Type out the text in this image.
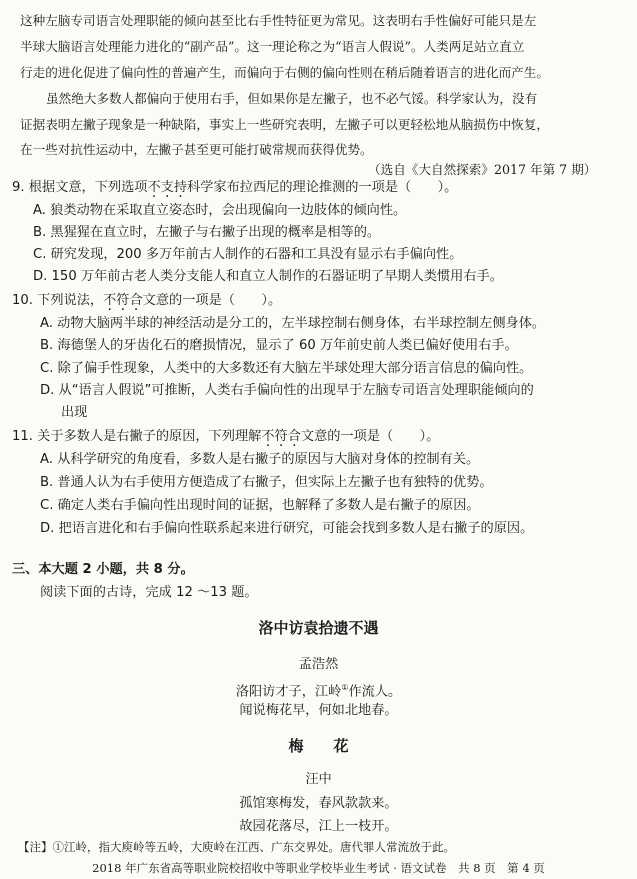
这种左脑专司语言处理职能的倾向甚至比右手性特征更为常见。这表明右手性偏好可能只是左
半球大脑语言处理能力进化的“副产品”。这一理论称之为“语言人假说”。人类两足站立直立
行走的进化促进了偏向性的普遍产生，而偏向于右侧的偏向性则在稍后随着语言的进化而产生。
虽然绝大多数人都偏向于使用右手，但如果你是左撇子，也不必气馁。科学家认为，没有
证据表明左撇子现象是一种缺陷，事实上一些研究表明，左撇子可以更轻松地从脑损伤中恢复，
在一些对抗性运动中，左撇子甚至更可能打破常规而获得优势。
（选自《大自然探索》2017 年第 7 期）
9. 根据文意，下列选项不支持科学家布拉西尼的理论推测的一项是（　　）。
A. 狼类动物在采取直立姿态时，会出现偏向一边肢体的倾向性。
B. 黑猩猩在直立时，左撇子与右撇子出现的概率是相等的。
C. 研究发现，200 多万年前古人制作的石器和工具没有显示右手偏向性。
D. 150 万年前古老人类分支能人和直立人制作的石器证明了早期人类惯用右手。
10. 下列说法，不符合文意的一项是（　　）。
A. 动物大脑两半球的神经活动是分工的，左半球控制右侧身体，右半球控制左侧身体。
B. 海德堡人的牙齿化石的磨损情况，显示了 60 万年前史前人类已偏好使用右手。
C. 除了偏手性现象，人类中的大多数还有大脑左半球处理大部分语言信息的偏向性。
D. 从“语言人假说”可推断，人类右手偏向性的出现早于左脑专司语言处理职能倾向的
出现
11. 关于多数人是右撇子的原因，下列理解不符合文意的一项是（　　）。
A. 从科学研究的角度看，多数人是右撇子的原因与大脑对身体的控制有关。
B. 普通人认为右手使用方便造成了右撇子，但实际上左撇子也有独特的优势。
C. 确定人类右手偏向性出现时间的证据，也解释了多数人是右撇子的原因。
D. 把语言进化和右手偏向性联系起来进行研究，可能会找到多数人是右撇子的原因。
三、本大题 2 小题，共 8 分。
阅读下面的古诗，完成 12 ～13 题。
洛中访袁拾遗不遇
孟浩然
洛阳访才子，江岭①作流人。
闻说梅花早，何如北地春。
梅　　花
汪中
孤馆寒梅发，春风款款来。
故园花落尽，江上一枝开。
【注】①江岭，指大庾岭等五岭，大庾岭在江西、广东交界处。唐代罪人常流放于此。
2018 年广东省高等职业院校招收中等职业学校毕业生考试 · 语文试卷　共 8 页　第 4 页
